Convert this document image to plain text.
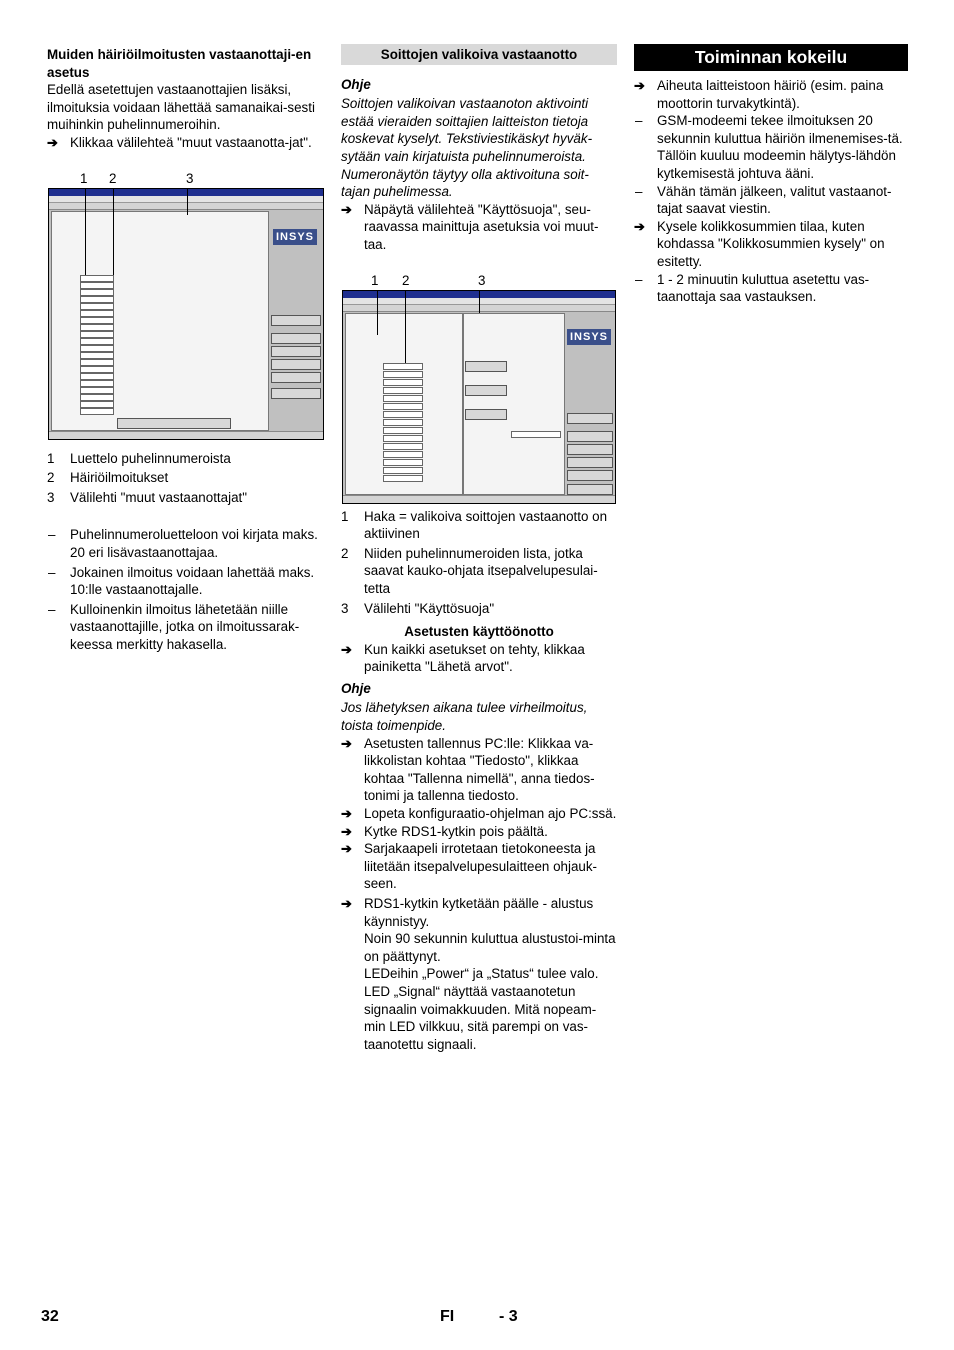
Muiden häiriöilmoitusten vastaanottaji-en asetus

Edellä asetettujen vastaanottajien lisäksi, ilmoituksia voidaan lähettää samanaikai-sesti muihinkin puhelinnumeroihin.

➔ Klikkaa välilehteä "muut vastaanotta-jat".

1 2	3
INSYS

1 Luettelo puhelinnumeroista

2 Häiriöilmoitukset

3 Välilehti "muut vastaanottajat"

– Puhelinnumeroluetteloon voi kirjata maks. 20 eri lisävastaanottajaa.

– Jokainen ilmoitus voidaan lahettää maks. 10:lle vastaanottajalle.

– Kulloinenkin ilmoitus lähetetään niille vastaanottajille, jotka on ilmoitussarak-keessa merkitty hakasella.

Soittojen valikoiva vastaanotto

Ohje

Soittojen valikoivan vastaanoton aktivointi estää vieraiden soittajien laitteiston tietoja koskevat kyselyt. Tekstiviestikäskyt hyväk-sytään vain kirjatuista puhelinnumeroista. Numeronäytön täytyy olla aktivoituna soit-tajan puhelimessa.

➔ Näpäytä välilehteä "Käyttösuoja", seu-raavassa mainittuja asetuksia voi muut-taa.

1 2	3
INSYS

1 Haka = valikoiva soittojen vastaanotto on aktiivinen

2 Niiden puhelinnumeroiden lista, jotka saavat kauko-ohjata itsepalvelupesulai-tetta

3 Välilehti "Käyttösuoja"

Asetusten käyttöönotto

➔ Kun kaikki asetukset on tehty, klikkaa painiketta "Lähetä arvot".

Ohje

Jos lähetyksen aikana tulee virheilmoitus, toista toimenpide.

➔ Asetusten tallennus PC:lle: Klikkaa va-likkolistan kohtaa "Tiedosto", klikkaa kohtaa "Tallenna nimellä", anna tiedos-tonimi ja tallenna tiedosto.

➔ Lopeta konfiguraatio-ohjelman ajo PC:ssä.

➔ Kytke RDS1-kytkin pois päältä.

➔ Sarjakaapeli irrotetaan tietokoneesta ja liitetään itsepalvelupesulaitteen ohjauk-seen.

➔ RDS1-kytkin kytketään päälle - alustus käynnistyy.

Noin 90 sekunnin kuluttua alustustoi-minta on päättynyt.

LEDeihin „Power“ ja „Status“ tulee valo.

LED „Signal“ näyttää vastaanotetun signaalin voimakkuuden. Mitä nopeam-min LED vilkkuu, sitä parempi on vas-taanotettu signaali.

Toiminnan kokeilu

➔ Aiheuta laitteistoon häiriö (esim. paina moottorin turvakytkintä).

– GSM-modeemi tekee ilmoituksen 20 sekunnin kuluttua häiriön ilmenemises-tä. Tällöin kuuluu modeemin hälytys-lähdön kytkemisestä johtuva ääni.

– Vähän tämän jälkeen, valitut vastaanot-tajat saavat viestin.

➔ Kysele kolikkosummien tilaa, kuten kohdassa "Kolikkosummien kysely" on esitetty.

– 1 - 2 minuutin kuluttua asetettu vas-taanottaja saa vastauksen.

32	FI	- 3
